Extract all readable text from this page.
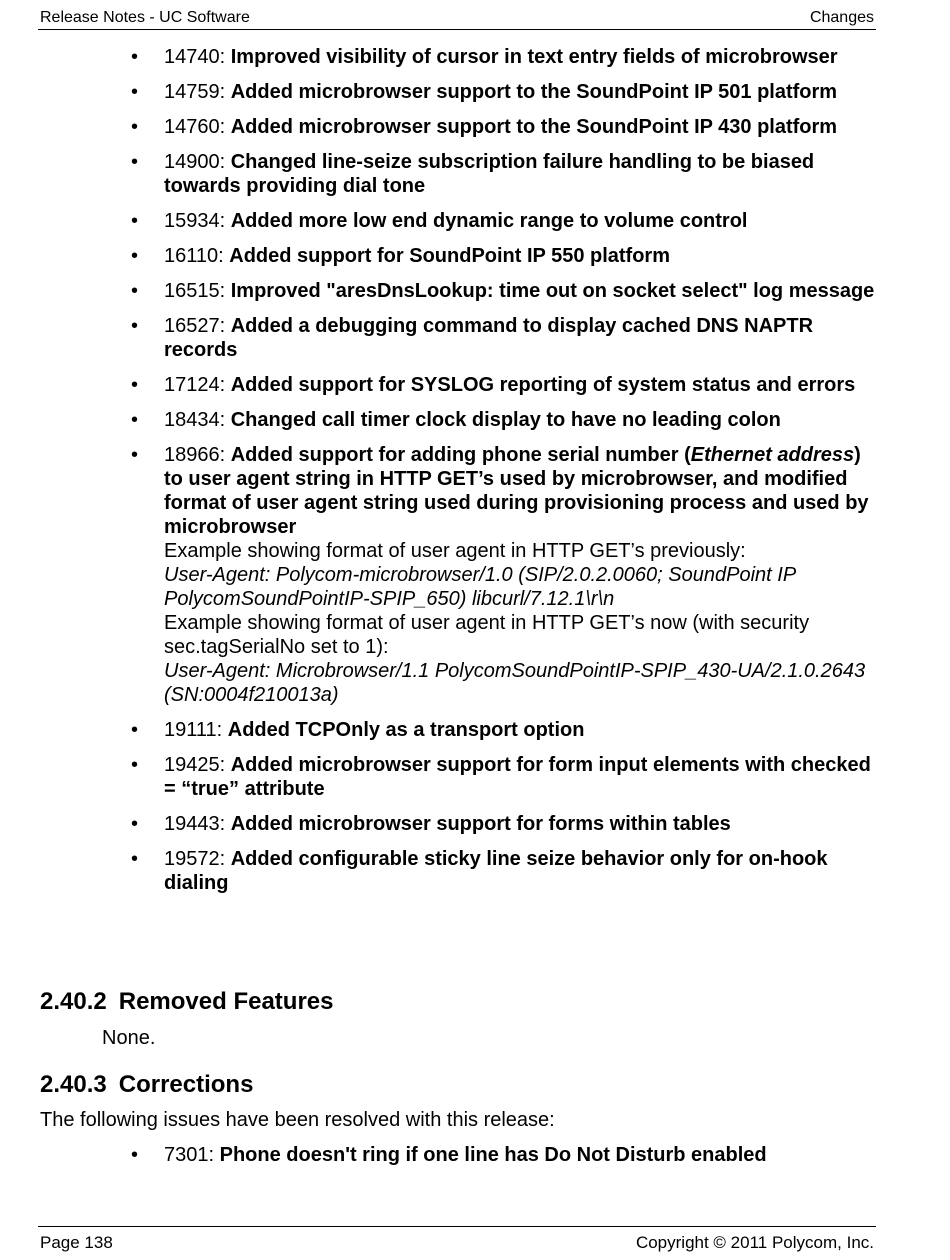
Release Notes - UC Software	Changes
• 14740: Improved visibility of cursor in text entry fields of microbrowser
• 14759: Added microbrowser support to the SoundPoint IP 501 platform
• 14760: Added microbrowser support to the SoundPoint IP 430 platform
• 14900: Changed line-seize subscription failure handling to be biased towards providing dial tone
• 15934: Added more low end dynamic range to volume control
• 16110: Added support for SoundPoint IP 550 platform
• 16515: Improved "aresDnsLookup: time out on socket select" log message
• 16527: Added a debugging command to display cached DNS NAPTR records
• 17124: Added support for SYSLOG reporting of system status and errors
• 18434: Changed call timer clock display to have no leading colon
• 18966: Added support for adding phone serial number (Ethernet address) to user agent string in HTTP GET’s used by microbrowser, and modified format of user agent string used during provisioning process and used by microbrowser
Example showing format of user agent in HTTP GET’s previously:
User-Agent: Polycom-microbrowser/1.0 (SIP/2.0.2.0060; SoundPoint IP PolycomSoundPointIP-SPIP_650) libcurl/7.12.1\r\n
Example showing format of user agent in HTTP GET’s now (with security sec.tagSerialNo set to 1):
User-Agent: Microbrowser/1.1 PolycomSoundPointIP-SPIP_430-UA/2.1.0.2643
(SN:0004f210013a)
• 19111: Added TCPOnly as a transport option
• 19425: Added microbrowser support for form input elements with checked = “true” attribute
• 19443: Added microbrowser support for forms within tables
• 19572: Added configurable sticky line seize behavior only for on-hook dialing
2.40.2 Removed Features
None.
2.40.3 Corrections
The following issues have been resolved with this release:
• 7301: Phone doesn't ring if one line has Do Not Disturb enabled
Page 138	Copyright © 2011 Polycom, Inc.
